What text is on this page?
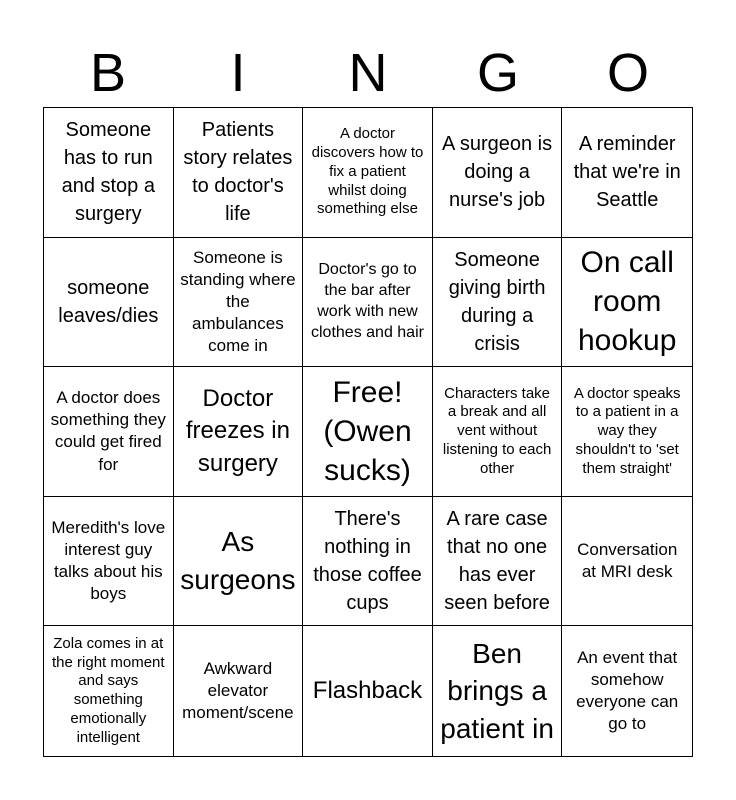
B	I	N	G	O
Someone has to run and stop a surgery
Patients story relates to doctor's life
A doctor discovers how to fix a patient whilst doing something else
A surgeon is doing a nurse's job
A reminder that we're in Seattle
someone leaves/dies
Someone is standing where the ambulances come in
Doctor's go to the bar after work with new clothes and hair
Someone giving birth during a crisis
On call room hookup
A doctor does something they could get fired for
Doctor freezes in surgery
Free! (Owen sucks)
Characters take a break and all vent without listening to each other
A doctor speaks to a patient in a way they shouldn't to 'set them straight'
Meredith's love interest guy talks about his boys
As surgeons
There's nothing in those coffee cups
A rare case that no one has ever seen before
Conversation at MRI desk
Zola comes in at the right moment and says something emotionally intelligent
Awkward elevator moment/scene
Flashback
Ben brings a patient in
An event that somehow everyone can go to
